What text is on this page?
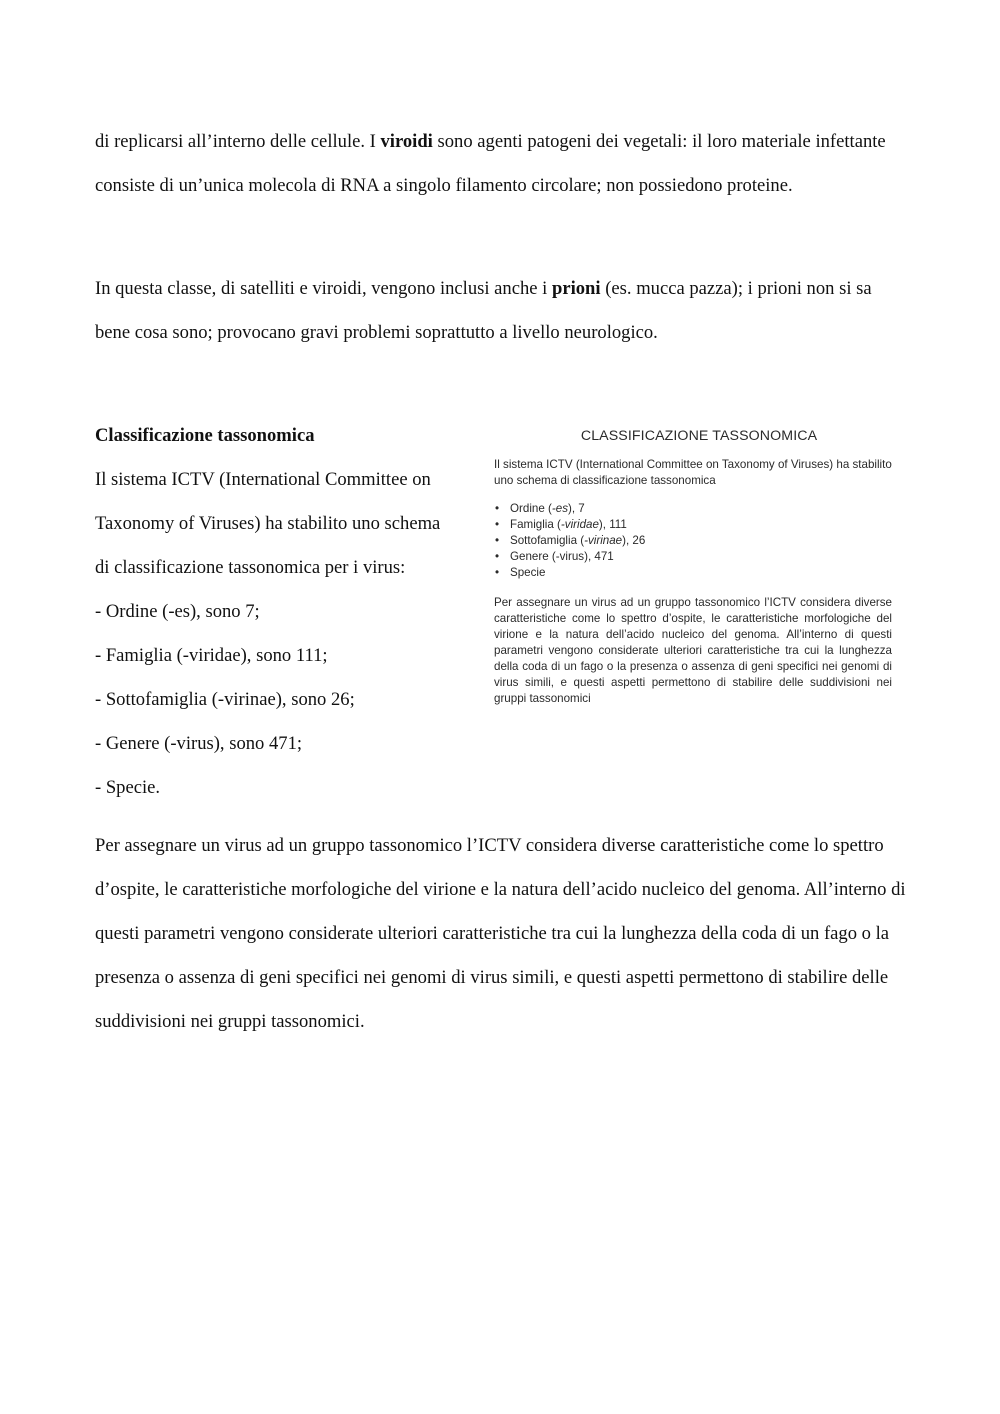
di replicarsi all’interno delle cellule. I viroidi sono agenti patogeni dei vegetali: il loro materiale infettante consiste di un’unica molecola di RNA a singolo filamento circolare; non possiedono proteine.

In questa classe, di satelliti e viroidi, vengono inclusi anche i prioni (es. mucca pazza); i prioni non si sa bene cosa sono; provocano gravi problemi soprattutto a livello neurologico.

Classificazione tassonomica
Il sistema ICTV (International Committee on
Taxonomy of Viruses) ha stabilito uno schema
di classificazione tassonomica per i virus:
- Ordine (-es), sono 7;
- Famiglia (-viridae), sono 111;
- Sottofamiglia (-virinae), sono 26;
- Genere (-virus), sono 471;
- Specie.

CLASSIFICAZIONE TASSONOMICA

Il sistema ICTV (International Committee on Taxonomy of Viruses) ha stabilito uno schema di classificazione tassonomica

• Ordine (-es), 7
• Famiglia (-viridae), 111
• Sottofamiglia (-virinae), 26
• Genere (-virus), 471
• Specie

Per assegnare un virus ad un gruppo tassonomico l’ICTV considera diverse caratteristiche come lo spettro d’ospite, le caratteristiche morfologiche del virione e la natura dell’acido nucleico del genoma. All’interno di questi parametri vengono considerate ulteriori caratteristiche tra cui la lunghezza della coda di un fago o la presenza o assenza di geni specifici nei genomi di virus simili, e questi aspetti permettono di stabilire delle suddivisioni nei gruppi tassonomici

Per assegnare un virus ad un gruppo tassonomico l’ICTV considera diverse caratteristiche come lo spettro d’ospite, le caratteristiche morfologiche del virione e la natura dell’acido nucleico del genoma. All’interno di questi parametri vengono considerate ulteriori caratteristiche tra cui la lunghezza della coda di un fago o la presenza o assenza di geni specifici nei genomi di virus simili, e questi aspetti permettono di stabilire delle suddivisioni nei gruppi tassonomici.
